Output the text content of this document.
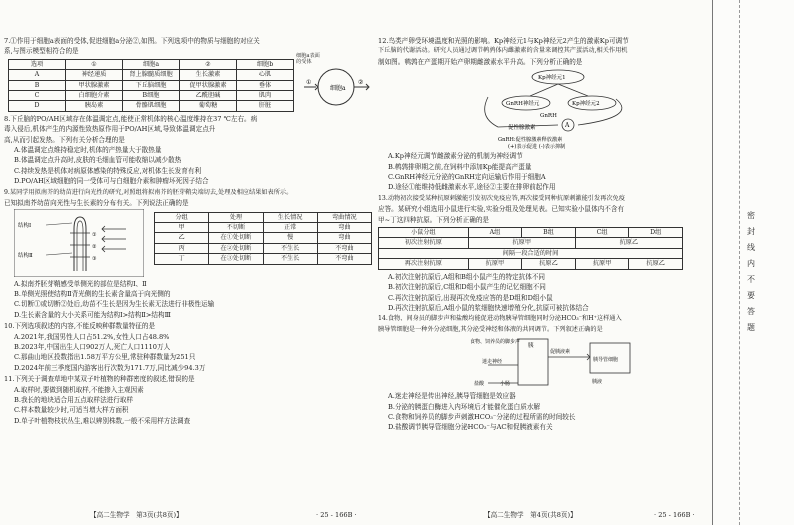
7.①作用于细胞a表面的受体,促进细胞a分泌②,如图。下列选项中的物质与细胞的对应关
系,与图示模型相符合的是
选项	①	细胞a	②	细胞b
A	神经递质	肾上腺髓质细胞	生长激素	心肌
B	甲状腺激素	下丘脑细胞	促甲状腺激素	垂体
C	白细胞介素	B细胞	乙酰胆碱	肌肉
D	胰岛素	骨骼肌细胞	葡萄糖	肝脏
细胞a
①	②
细胞a表面的受体
8.下丘脑的PO/AH区域存在体温调定点,能使正常机体的核心温度维持在37 ℃左右。病
毒入侵后,机体产生的内源性致热原作用于PO/AH区域,导致体温调定点升
高,从而引起发热。下列有关分析合理的是
A.体温调定点维持稳定时,机体的产热量大于散热量
B.体温调定点升高时,皮肤的毛细血管可能收缩以减少散热
C.持续发热是机体对病原体感染的特殊反应,对机体生长发育有利
D.PO/AH区域细胞的同一受体可与白细胞介素和肿瘤坏死因子结合
9.某同学用拟南芥的幼苗进行向光性的研究,对照组将拟南芥的胚芽鞘尖端切去,处理及相应结果如表所示。
已知拟南芥幼苗向光性与生长素的分布有关。下列说法正确的是
①
②
③
结构Ⅰ
结构Ⅱ
分组	处理	生长情况	弯曲情况
甲	不切断	正常	弯曲
乙	在①处切断	慢	弯曲
丙	在②处切断	不生长	不弯曲
丁	在③处切断	不生长	不弯曲
A.拟南芥胚芽鞘感受单侧光的部位是结构Ⅰ、Ⅱ
B.单侧光照使结构Ⅱ背光侧的生长素含量高于向光侧的
C.切断①或切断②处后,幼苗不生长是因为生长素无法进行非极性运输
D.生长素含量的大小关系可能为结构Ⅰ>结构Ⅱ>结构Ⅲ
10.下列选项叙述的内容,不能反映种群数量特征的是
A.2021年,我国男性人口占51.2%,女性人口占48.8%
B.2023年,中国出生人口902万人,死亡人口1110万人
C.那曲山地区投数指出1.58万平方公里,常驻种群数量为251只
D.2024年前三季度国内游客出行次数为171.7万,同比减少94.3万
11.下列关于调查草地中某双子叶植物的种群密度的叙述,错误的是
A.取样时,要做到随机取样,不能掺入主观因素
B.我长的地块适合用五点取样法进行取样
C.样本数量较少时,可适当增大样方面积
D.单子叶植物枝状丛生,难以辨别株数,一般不采用样方法调查
12.鸟类产卵受环境温度和光照的影响。Kp神经元1与Kp神经元2产生的激素Kp可调节
下丘脑的代谢活动。研究人员通过调节鹌鹑体内雌激素的含量来调控其产蛋活动,相关作用机
制如图。鹌鹑在产蛋期开始产卵期雌激素水平升高。下列分析正确的是
Kp神经元1
GnRH神经元	Kp神经元2
GnRH
A
促性腺激素
GnRH:促性腺激素释放激素
(+)表示促进 (-)表示抑制
A.Kp神经元调节雌激素分泌的机制为神经调节
B.鹌鹑排卵期之前,在饲料中添加Kp能提高产蛋量
C.GnRH神经元分泌的GnRH定向运输后作用于细胞A
D.途径①能维持低雌激素水平,途径②主要在排卵前起作用
13.动物初次接受某种抗原刺激能引发初次免疫应答,再次接受同种抗原刺激能引发再次免疫
应答。某研究小组选用小鼠进行实验,实验分组及处理见表。已知实验小鼠体内不含有
甲~丁这四种抗原。下列分析正确的是
小鼠分组	A组	B组	C组	D组
初次注射抗原	抗原甲		抗原乙	
间隔一段合适的时间				
再次注射抗原	抗原甲	抗原乙	抗原甲	抗原乙
A.初次注射抗原后,A组和B组小鼠产生的特定抗体不同
B.初次注射抗原后,C组和D组小鼠产生的记忆细胞不同
C.再次注射抗原后,出现再次免疫应答的是D组和D组小鼠
D.再次注射抗原后,A组小鼠的浆细胞快速增殖分化,抗原可被抗体结合
14.食物、间身员的脚步声和盐酸均能促进动物胰导管细胞同时分泌HCO₃⁻和H⁺这样通入
胰导管细胞是一种外分泌细胞,其分泌受神经和体液的共同调节。下列叙述正确的是
食物、饲养员的脚步声
迷走神经
盐酸	小肠
胰
胰导管细胞
促胰液素
胰液
A.迷走神经是传出神经,胰导管细胞是效应器
B.分泌的胰蛋白酶进入内环境后才能催化蛋白质水解
C.食物和饲养员的脚步声刺激HCO₃⁻分泌的过程所需的时间较长
D.盐酸调节胰导管细胞分泌HCO₃⁻与AC和促胰液素有关
【高二生物学　第3页(共8页)】	· 25 - 166B ·	【高二生物学　第4页(共8页)】	· 25 - 166B ·
密
封
线
内
不
要
答
题
